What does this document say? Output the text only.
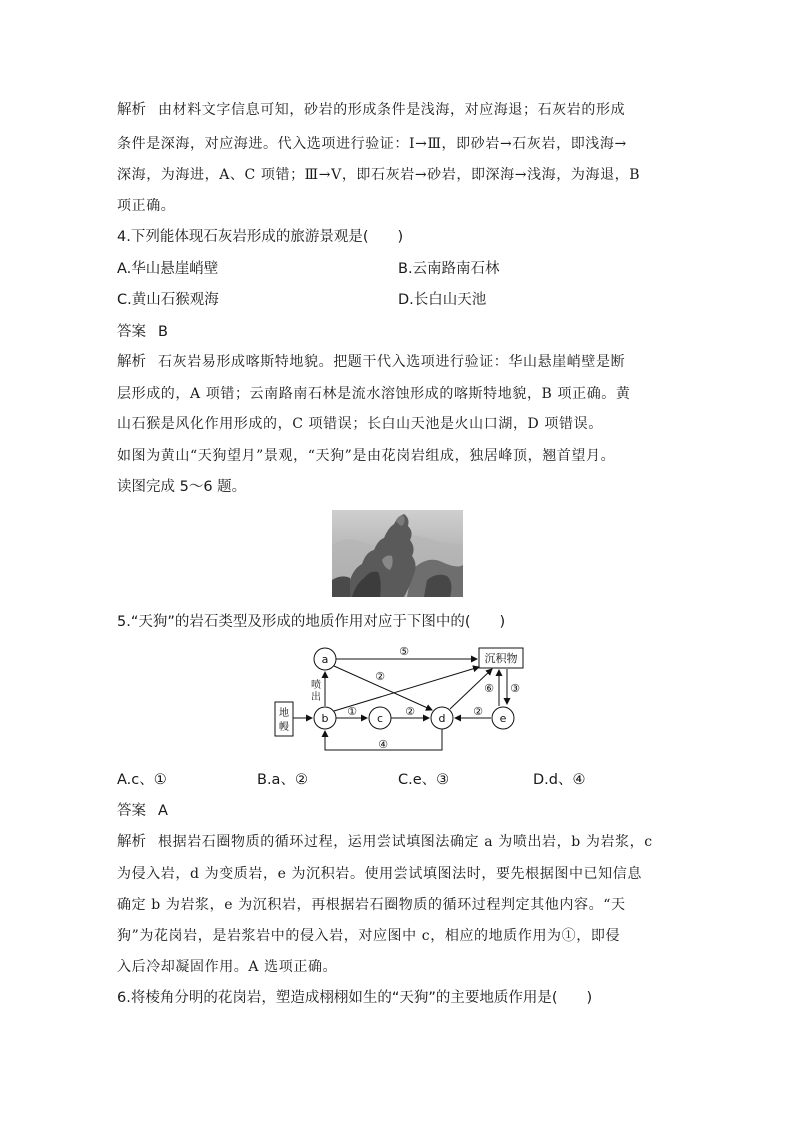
解析 由材料文字信息可知，砂岩的形成条件是浅海，对应海退；石灰岩的形成
条件是深海，对应海进。代入选项进行验证：Ⅰ→Ⅲ，即砂岩→石灰岩，即浅海→
深海，为海进，A、C 项错；Ⅲ→Ⅴ，即石灰岩→砂岩，即深海→浅海，为海退，B
项正确。
4.下列能体现石灰岩形成的旅游景观是(　　)
A.华山悬崖峭壁	B.云南路南石林
C.黄山石猴观海	D.长白山天池
答案 B
解析 石灰岩易形成喀斯特地貌。把题干代入选项进行验证：华山悬崖峭壁是断
层形成的，A 项错；云南路南石林是流水溶蚀形成的喀斯特地貌，B 项正确。黄
山石猴是风化作用形成的，C 项错误；长白山天池是火山口湖，D 项错误。
如图为黄山“天狗望月”景观，“天狗”是由花岗岩组成，独居峰顶，翘首望月。
读图完成 5～6 题。
5.“天狗”的岩石类型及形成的地质作用对应于下图中的(　　)
a
b	c	d	e
沉积物
地
幔
喷
出
①	②	②
②
⑤
⑥ ③
④
A.c、①	B.a、②	C.e、③	D.d、④
答案 A
解析 根据岩石圈物质的循环过程，运用尝试填图法确定 a 为喷出岩，b 为岩浆，c
为侵入岩，d 为变质岩，e 为沉积岩。使用尝试填图法时，要先根据图中已知信息
确定 b 为岩浆，e 为沉积岩，再根据岩石圈物质的循环过程判定其他内容。“天
狗”为花岗岩，是岩浆岩中的侵入岩，对应图中 c，相应的地质作用为①，即侵
入后冷却凝固作用。A 选项正确。
6.将棱角分明的花岗岩，塑造成栩栩如生的“天狗”的主要地质作用是(　　)
